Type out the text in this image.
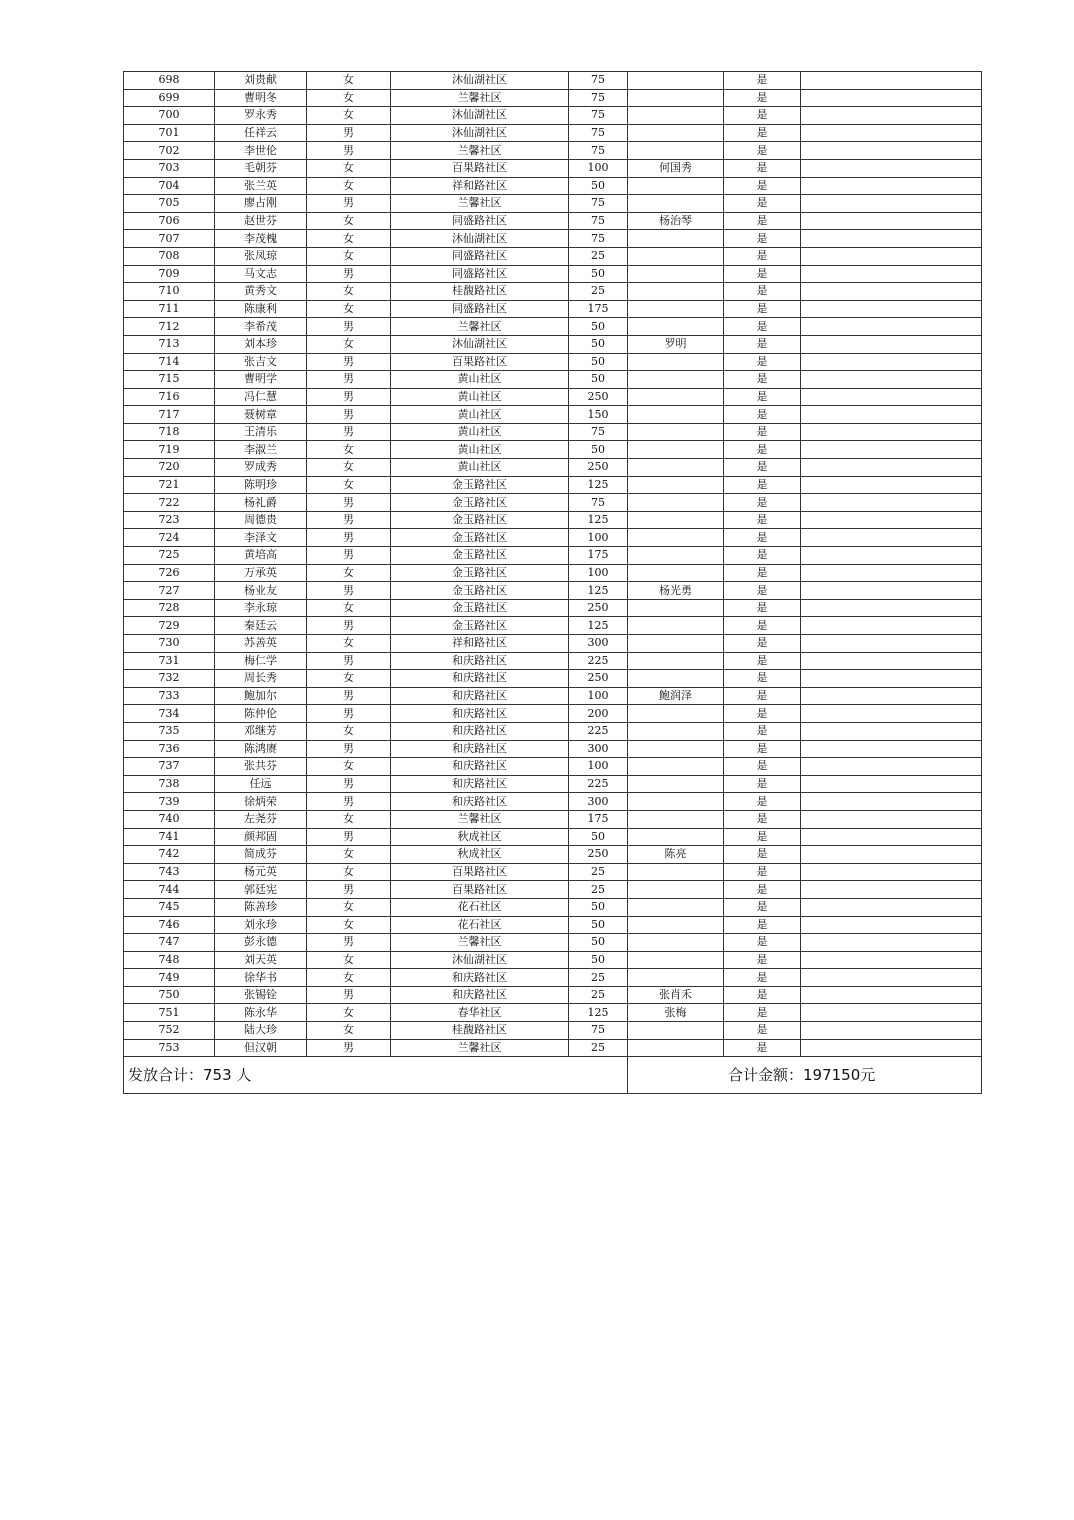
698	刘贵献	女	沐仙湖社区	75		是	
699	曹明冬	女	兰馨社区	75		是	
700	罗永秀	女	沐仙湖社区	75		是	
701	任祥云	男	沐仙湖社区	75		是	
702	李世伦	男	兰馨社区	75		是	
703	毛朝芬	女	百果路社区	100	何国秀	是	
704	张兰英	女	祥和路社区	50		是	
705	廖占刚	男	兰馨社区	75		是	
706	赵世芬	女	同盛路社区	75	杨治琴	是	
707	李茂槐	女	沐仙湖社区	75		是	
708	张凤琼	女	同盛路社区	25		是	
709	马文志	男	同盛路社区	50		是	
710	黄秀文	女	桂馥路社区	25		是	
711	陈康利	女	同盛路社区	175		是	
712	李希茂	男	兰馨社区	50		是	
713	刘本珍	女	沐仙湖社区	50	罗明	是	
714	张吉文	男	百果路社区	50		是	
715	曹明学	男	黄山社区	50		是	
716	冯仁慧	男	黄山社区	250		是	
717	聂树章	男	黄山社区	150		是	
718	王清乐	男	黄山社区	75		是	
719	李淑兰	女	黄山社区	50		是	
720	罗成秀	女	黄山社区	250		是	
721	陈明珍	女	金玉路社区	125		是	
722	杨礼爵	男	金玉路社区	75		是	
723	周德贵	男	金玉路社区	125		是	
724	李泽文	男	金玉路社区	100		是	
725	黄培高	男	金玉路社区	175		是	
726	万承英	女	金玉路社区	100		是	
727	杨业友	男	金玉路社区	125	杨光勇	是	
728	李永琼	女	金玉路社区	250		是	
729	秦廷云	男	金玉路社区	125		是	
730	苏善英	女	祥和路社区	300		是	
731	梅仁学	男	和庆路社区	225		是	
732	周长秀	女	和庆路社区	250		是	
733	鲍加尔	男	和庆路社区	100	鲍润泽	是	
734	陈仲伦	男	和庆路社区	200		是	
735	邓继芳	女	和庆路社区	225		是	
736	陈鸿赓	男	和庆路社区	300		是	
737	张共芬	女	和庆路社区	100		是	
738	任远	男	和庆路社区	225		是	
739	徐炳荣	男	和庆路社区	300		是	
740	左尧芬	女	兰馨社区	175		是	
741	颜邦固	男	秋成社区	50		是	
742	简成芬	女	秋成社区	250	陈亮	是	
743	杨元英	女	百果路社区	25		是	
744	郭廷宪	男	百果路社区	25		是	
745	陈善珍	女	花石社区	50		是	
746	刘永珍	女	花石社区	50		是	
747	彭永德	男	兰馨社区	50		是	
748	刘天英	女	沐仙湖社区	50		是	
749	徐华书	女	和庆路社区	25		是	
750	张锡铨	男	和庆路社区	25	张肖禾	是	
751	陈永华	女	春华社区	125	张梅	是	
752	陆大珍	女	桂馥路社区	75		是	
753	但汉朝	男	兰馨社区	25		是	
发放合计：753 人					合计金额：197150元		
